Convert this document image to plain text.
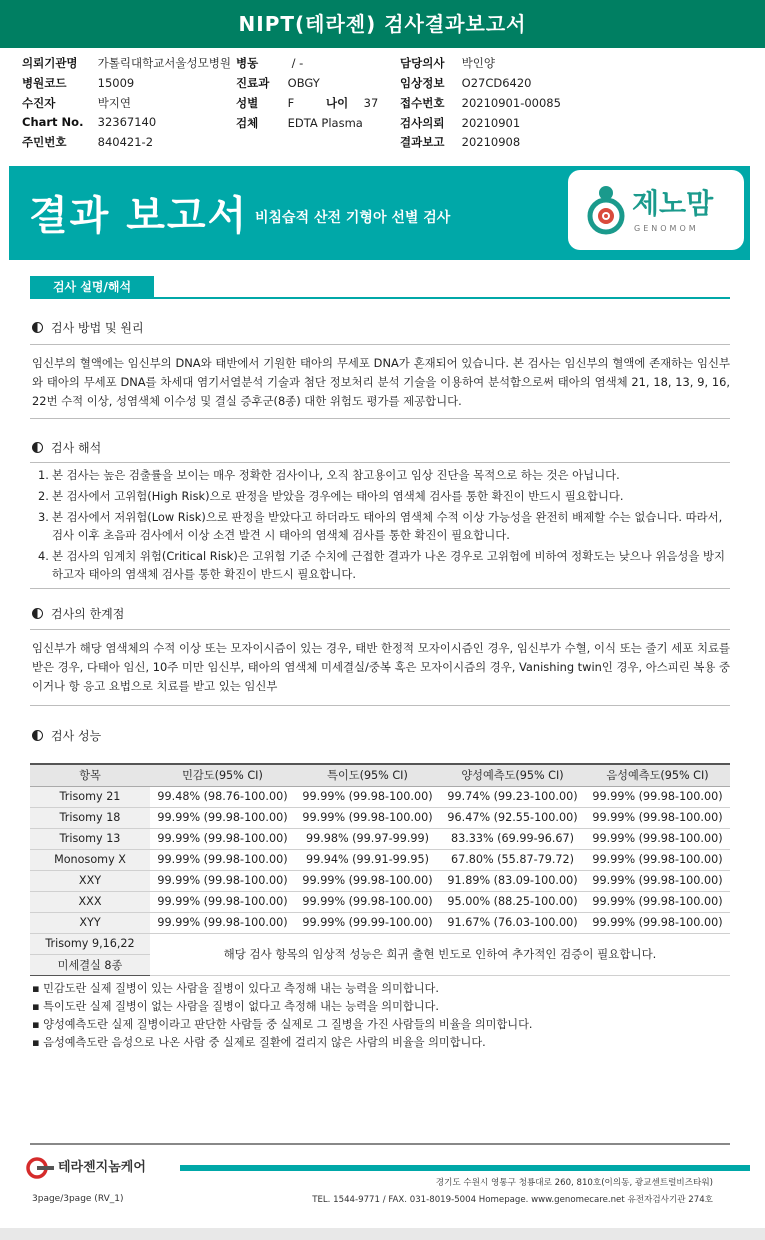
NIPT(테라젠) 검사결과보고서
의뢰기관명 가톨릭대학교서울성모병원 병동	/ -	담당의사 박인양
병원코드	15009	진료과 OBGY	임상정보 O27CD6420
수진자	박지연	성별	F	나이 37 접수번호 20210901-00085
Chart No. 32367140	검체	EDTA Plasma	검사의뢰 20210901
주민번호	840421-2	결과보고 20210908
결과 보고서 비침습적 산전 기형아 선별 검사	제노맘
GENOMOM
검사 설명/해석
검사 방법 및 원리
임신부의 혈액에는 임신부의 DNA와 태반에서 기원한 태아의 무세포 DNA가 혼재되어 있습니다. 본 검사는 임신부의 혈액에 존재하는 임신부와 태아의 무세포 DNA를 차세대 염기서열분석 기술과 첨단 정보처리 분석 기술을 이용하여 분석함으로써 태아의 염색체 21, 18, 13, 9, 16, 22번 수적 이상, 성염색체 이수성 및 결실 증후군(8종) 대한 위험도 평가를 제공합니다.
검사 해석
1. 본 검사는 높은 검출률을 보이는 매우 정확한 검사이나, 오직 참고용이고 임상 진단을 목적으로 하는 것은 아닙니다.
2. 본 검사에서 고위험(High Risk)으로 판정을 받았을 경우에는 태아의 염색체 검사를 통한 확진이 반드시 필요합니다.
3. 본 검사에서 저위험(Low Risk)으로 판정을 받았다고 하더라도 태아의 염색체 수적 이상 가능성을 완전히 배제할 수는 없습니다. 따라서, 검사 이후 초음파 검사에서 이상 소견 발견 시 태아의 염색체 검사를 통한 확진이 필요합니다.
4. 본 검사의 임계치 위험(Critical Risk)은 고위험 기준 수치에 근접한 결과가 나온 경우로 고위험에 비하여 정확도는 낮으나 위음성을 방지하고자 태아의 염색체 검사를 통한 확진이 반드시 필요합니다.
검사의 한계점
임신부가 해당 염색체의 수적 이상 또는 모자이시즘이 있는 경우, 태반 한정적 모자이시즘인 경우, 임신부가 수혈, 이식 또는 줄기 세포 치료를 받은 경우, 다태아 임신, 10주 미만 임신부, 태아의 염색체 미세결실/중복 혹은 모자이시즘의 경우, Vanishing twin인 경우, 아스피린 복용 중이거나 항 응고 요법으로 치료를 받고 있는 임신부
검사 성능
항목	민감도(95% CI)	특이도(95% CI)	양성예측도(95% CI)	음성예측도(95% CI)
Trisomy 21	99.48% (98.76-100.00)	99.99% (99.98-100.00)	99.74% (99.23-100.00)	99.99% (99.98-100.00)
Trisomy 18	99.99% (99.98-100.00)	99.99% (99.98-100.00)	96.47% (92.55-100.00)	99.99% (99.98-100.00)
Trisomy 13	99.99% (99.98-100.00)	99.98% (99.97-99.99)	83.33% (69.99-96.67)	99.99% (99.98-100.00)
Monosomy X	99.99% (99.98-100.00)	99.94% (99.91-99.95)	67.80% (55.87-79.72)	99.99% (99.98-100.00)
XXY	99.99% (99.98-100.00)	99.99% (99.98-100.00)	91.89% (83.09-100.00)	99.99% (99.98-100.00)
XXX	99.99% (99.98-100.00)	99.99% (99.98-100.00)	95.00% (88.25-100.00)	99.99% (99.98-100.00)
XYY	99.99% (99.98-100.00)	99.99% (99.99-100.00)	91.67% (76.03-100.00)	99.99% (99.98-100.00)
Trisomy 9,16,22	해당 검사 항목의 임상적 성능은 희귀 출현 빈도로 인하여 추가적인 검증이 필요합니다.			
미세결실 8종				
▪ 민감도란 실제 질병이 있는 사람을 질병이 있다고 측정해 내는 능력을 의미합니다.
▪ 특이도란 실제 질병이 없는 사람을 질병이 없다고 측정해 내는 능력을 의미합니다.
▪ 양성예측도란 실제 질병이라고 판단한 사람들 중 실제로 그 질병을 가진 사람들의 비율을 의미합니다.
▪ 음성예측도란 음성으로 나온 사람 중 실제로 질환에 걸리지 않은 사람의 비율을 의미합니다.
테라젠지놈케어
경기도 수원시 영통구 청룡대로 260, 810호(이의동, 광교센트럴비즈타워)
TEL. 1544-9771 / FAX. 031-8019-5004 Homepage. www.genomecare.net 유전자검사기관 274호
3page/3page (RV_1)
